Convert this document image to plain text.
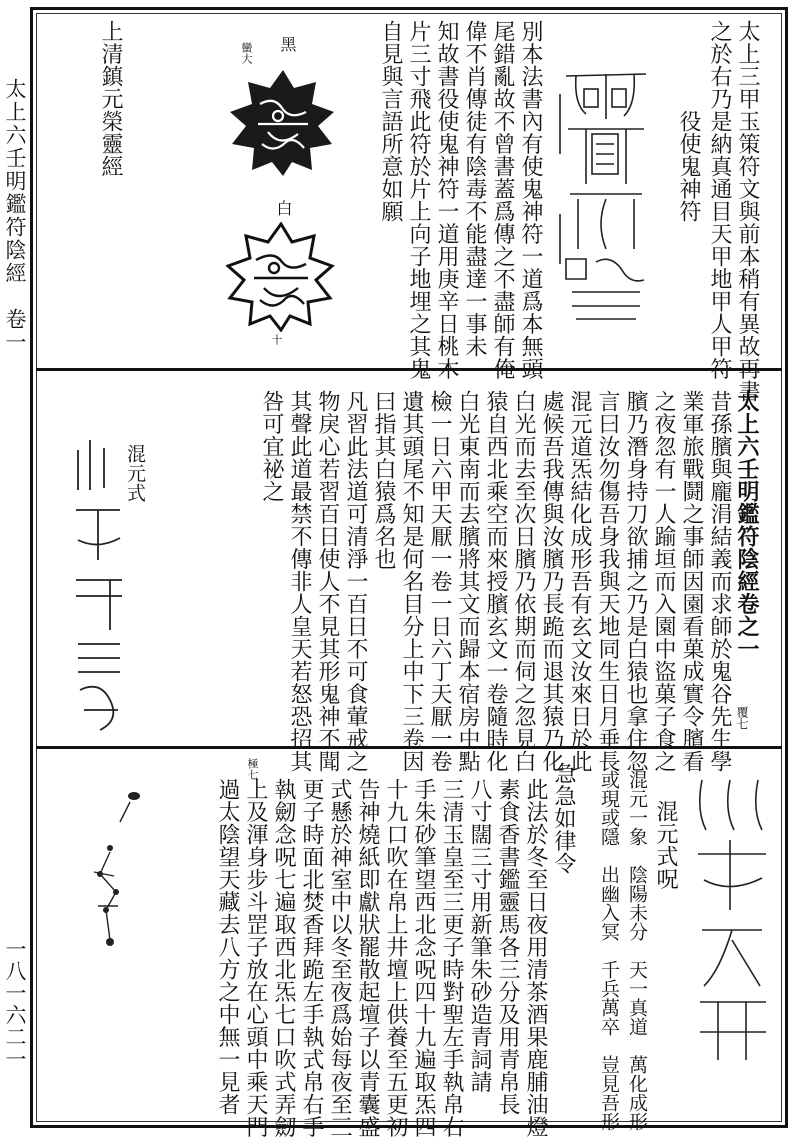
太上六壬明鑑符陰經　卷一
一八一六二一
太上三甲玉策符文與前本稍有異故再書
之於右乃是納真通目天甲地甲人甲符
役使鬼神符
別本法書內有使鬼神符一道爲本無頭
尾錯亂故不曾書蓋爲傳之不盡師有俺
偉不肖傳徒有陰毒不能盡達一事未
知故書役使鬼神符一道用庚辛日桃木
片三寸飛此符於片上向子地埋之其鬼
自見與言語所意如願
黑
蠻大
白
十
上清鎮元榮靈經
太上六壬明鑑符陰經卷之一
覆七
昔孫臏與龐涓結義而求師於鬼谷先生學
業軍旅戰鬪之事師因園看菓成實令臏看
之夜忽有一人踰垣而入園中盜菓子食之
臏乃潛身持刀欲捕之乃是白猿也拿住忽
言曰汝勿傷吾身我與天地同生日月垂長
混元道炁結化成形吾有玄文汝來日於此
處候吾我傳與汝臏乃長跪而退其猿乃化
白光而去至次日臏乃依期而伺之忽見白
猿自西北乘空而來授臏玄文一卷隨時化
白光東南而去臏將其文而歸本宿房中點
檢一日六甲天厭一卷一日六丁天厭一卷
遺其頭尾不知是何名目分上中下三卷因
曰指其白猿爲名也
凡習此法道可清淨一百日不可食葷戒之
物戾心若習百日使人不見其形鬼神不聞
其聲此道最禁不傳非人皇天若怒恐招其
咎可宜祕之
混元式
混元式呪
混元一象　陰陽未分　天一真道　萬化成形
或現或隱　出幽入冥　千兵萬卒　豈見吾形
急急如律令
此法於冬至日夜用清茶酒果鹿脯油燈
素食香書鑑靈馬各三分及用青帛長
八寸闊三寸用新筆朱砂造青詞請
三清玉皇至三更子時對聖左手執帛右
手朱砂筆望西北念呪四十九遍取炁四
十九口吹在帛上井壇上供養至五更初
告神燒紙即獻狀罷散起壇子以青囊盛
式懸於神室中以冬至夜爲始每夜至三
更子時面北焚香拜跪左手執式帛右手
執劒念呪七遍取西北炁七口吹式弄劒
上及渾身步斗罡子放在心頭中乘天門
過太陰望天藏去八方之中無一見者
極七
